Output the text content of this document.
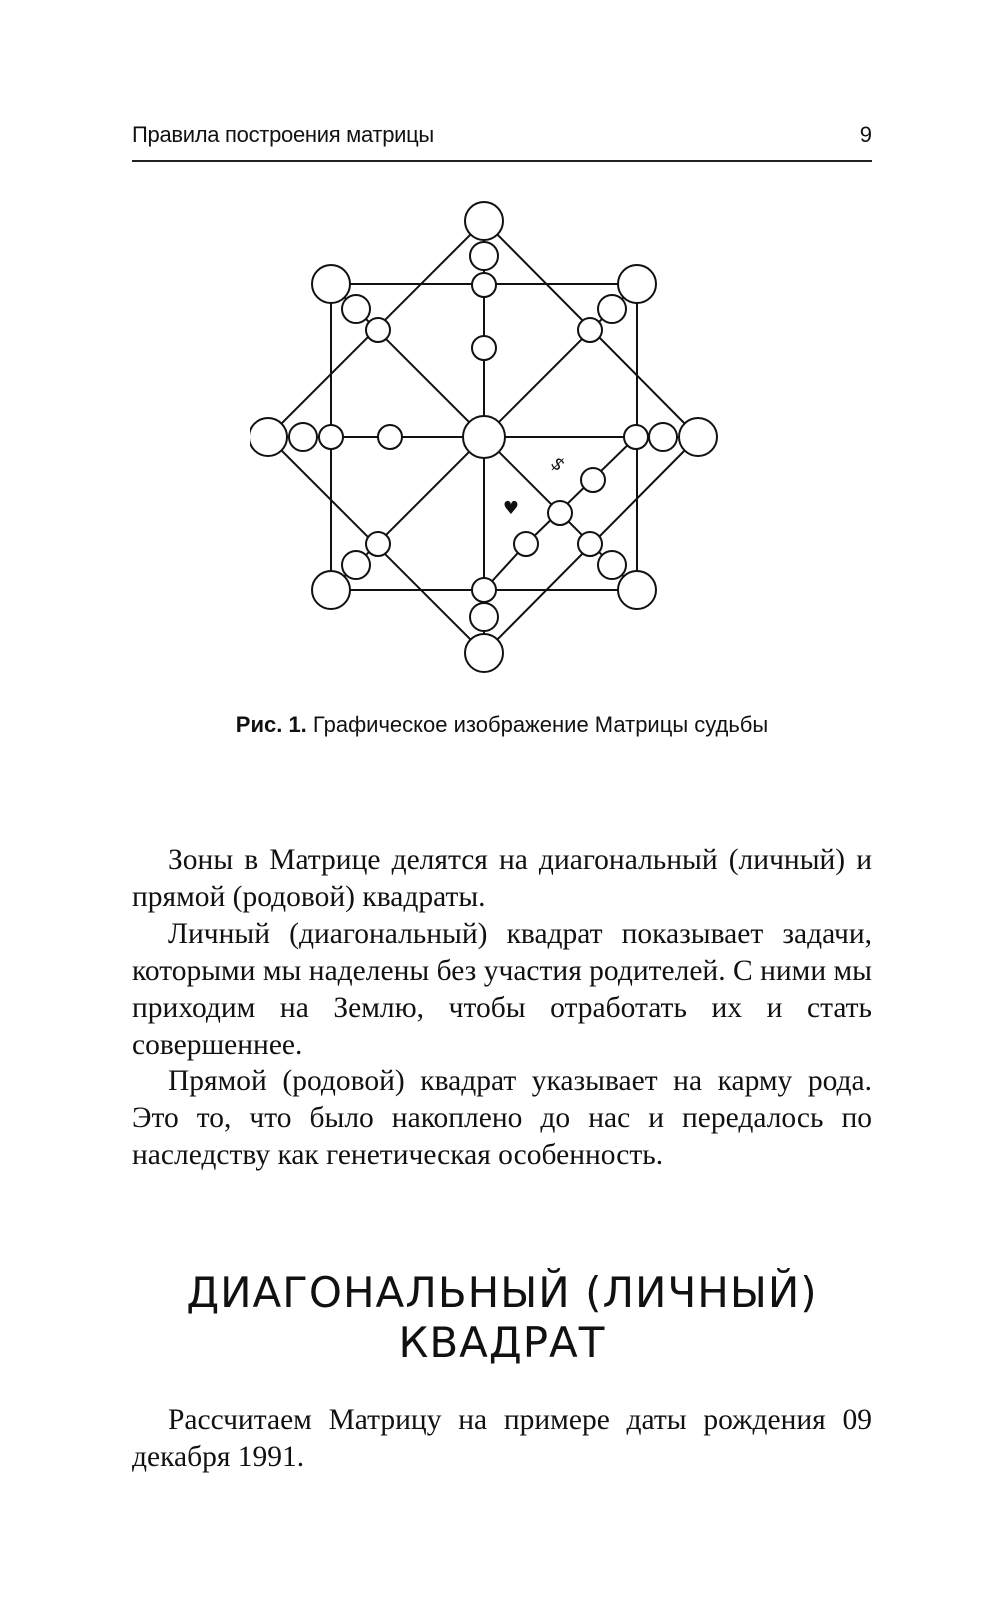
Правила построения матрицы	9
$
♥
Рис. 1. Графическое изображение Матрицы судьбы

Зоны в Матрице делятся на диагональный (личный) и прямой (родовой) квадраты.

Личный (диагональный) квадрат показывает задачи, которыми мы наделены без участия родителей. С ними мы приходим на Землю, чтобы отработать их и стать совершеннее.

Прямой (родовой) квадрат указывает на карму рода. Это то, что было накоплено до нас и передалось по наследству как генетическая особенность.

ДИАГОНАЛЬНЫЙ (ЛИЧНЫЙ)
КВАДРАТ

Рассчитаем Матрицу на примере даты рождения 09 декабря 1991.
